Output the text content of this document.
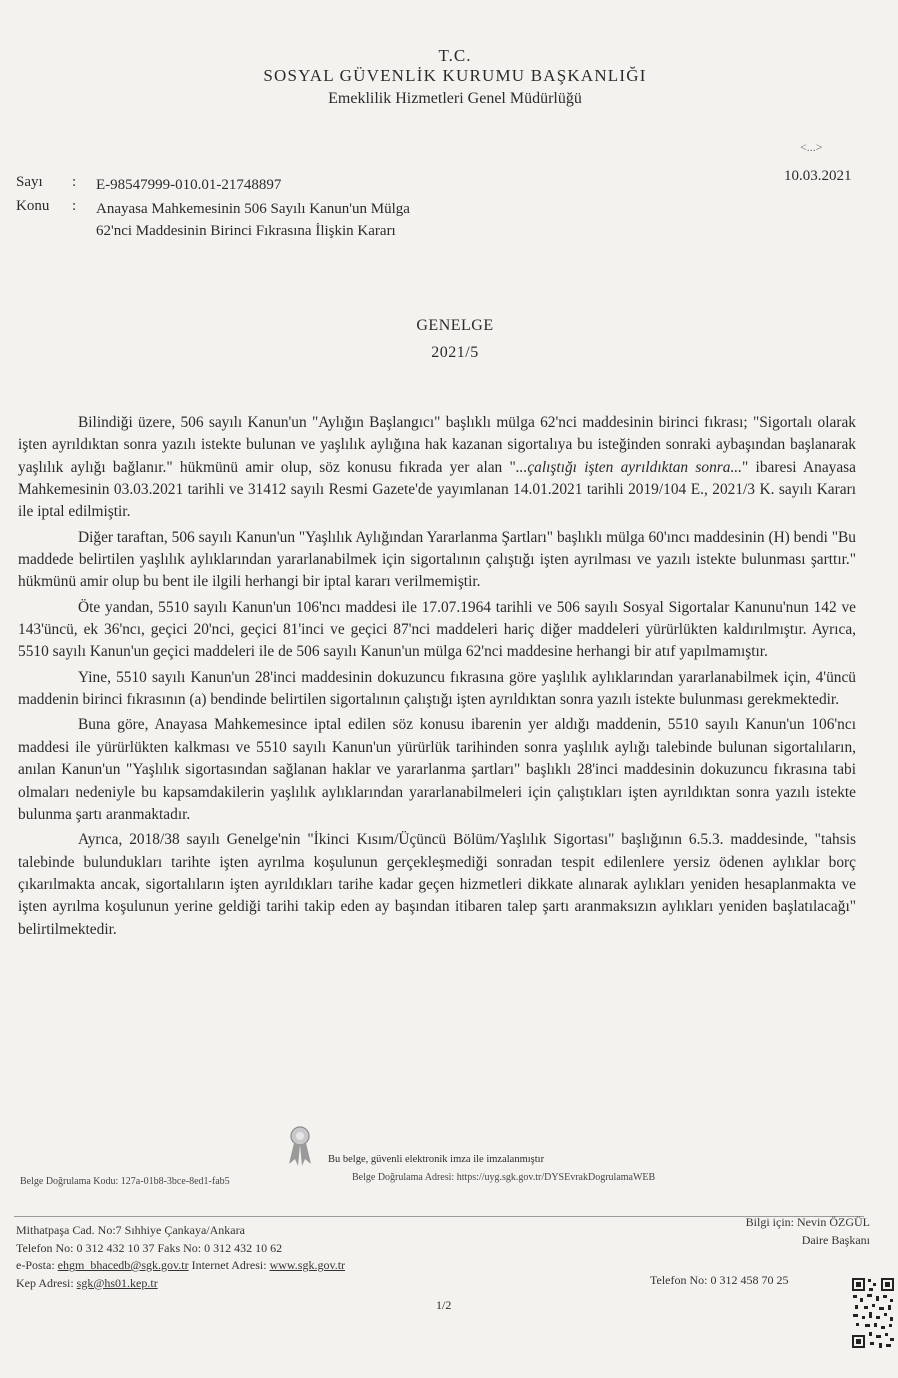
T.C.
SOSYAL GÜVENLİK KURUMU BAŞKANLIĞI
Emeklilik Hizmetleri Genel Müdürlüğü
<...>
10.03.2021
Sayı : E-98547999-010.01-21748897
Konu : Anayasa Mahkemesinin 506 Sayılı Kanun'un Mülga 62'nci Maddesinin Birinci Fıkrasına İlişkin Kararı
GENELGE
2021/5

Bilindiği üzere, 506 sayılı Kanun'un "Aylığın Başlangıcı" başlıklı mülga 62'nci maddesinin birinci fıkrası; "Sigortalı olarak işten ayrıldıktan sonra yazılı istekte bulunan ve yaşlılık aylığına hak kazanan sigortalıya bu isteğinden sonraki aybaşından başlanarak yaşlılık aylığı bağlanır." hükmünü amir olup, söz konusu fıkrada yer alan "...çalıştığı işten ayrıldıktan sonra..." ibaresi Anayasa Mahkemesinin 03.03.2021 tarihli ve 31412 sayılı Resmi Gazete'de yayımlanan 14.01.2021 tarihli 2019/104 E., 2021/3 K. sayılı Kararı ile iptal edilmiştir.

Diğer taraftan, 506 sayılı Kanun'un "Yaşlılık Aylığından Yararlanma Şartları" başlıklı mülga 60'ıncı maddesinin (H) bendi "Bu maddede belirtilen yaşlılık aylıklarından yararlanabilmek için sigortalının çalıştığı işten ayrılması ve yazılı istekte bulunması şarttır." hükmünü amir olup bu bent ile ilgili herhangi bir iptal kararı verilmemiştir.

Öte yandan, 5510 sayılı Kanun'un 106'ncı maddesi ile 17.07.1964 tarihli ve 506 sayılı Sosyal Sigortalar Kanunu'nun 142 ve 143'üncü, ek 36'ncı, geçici 20'nci, geçici 81'inci ve geçici 87'nci maddeleri hariç diğer maddeleri yürürlükten kaldırılmıştır. Ayrıca, 5510 sayılı Kanun'un geçici maddeleri ile de 506 sayılı Kanun'un mülga 62'nci maddesine herhangi bir atıf yapılmamıştır.

Yine, 5510 sayılı Kanun'un 28'inci maddesinin dokuzuncu fıkrasına göre yaşlılık aylıklarından yararlanabilmek için, 4'üncü maddenin birinci fıkrasının (a) bendinde belirtilen sigortalının çalıştığı işten ayrıldıktan sonra yazılı istekte bulunması gerekmektedir.

Buna göre, Anayasa Mahkemesince iptal edilen söz konusu ibarenin yer aldığı maddenin, 5510 sayılı Kanun'un 106'ncı maddesi ile yürürlükten kalkması ve 5510 sayılı Kanun'un yürürlük tarihinden sonra yaşlılık aylığı talebinde bulunan sigortalıların, anılan Kanun'un "Yaşlılık sigortasından sağlanan haklar ve yararlanma şartları" başlıklı 28'inci maddesinin dokuzuncu fıkrasına tabi olmaları nedeniyle bu kapsamdakilerin yaşlılık aylıklarından yararlanabilmeleri için çalıştıkları işten ayrıldıktan sonra yazılı istekte bulunma şartı aranmaktadır.

Ayrıca, 2018/38 sayılı Genelge'nin "İkinci Kısım/Üçüncü Bölüm/Yaşlılık Sigortası" başlığının 6.5.3. maddesinde, "tahsis talebinde bulundukları tarihte işten ayrılma koşulunun gerçekleşmediği sonradan tespit edilenlere yersiz ödenen aylıklar borç çıkarılmakta ancak, sigortalıların işten ayrıldıkları tarihe kadar geçen hizmetleri dikkate alınarak aylıkları yeniden hesaplanmakta ve işten ayrılma koşulunun yerine geldiği tarihi takip eden ay başından itibaren talep şartı aranmaksızın aylıkları yeniden başlatılacağı" belirtilmektedir.

Bu belge, güvenli elektronik imza ile imzalanmıştır
Belge Doğrulama Kodu: 127a-01b8-3bce-8ed1-fab5	Belge Doğrulama Adresi: https://uyg.sgk.gov.tr/DYSEvrakDogrulamaWEB
Mithatpaşa Cad. No:7 Sıhhiye Çankaya/Ankara
Telefon No: 0 312 432 10 37 Faks No: 0 312 432 10 62
e-Posta: ehgm_bhacedb@sgk.gov.tr Internet Adresi: www.sgk.gov.tr
Kep Adresi: sgk@hs01.kep.tr
Bilgi için: Nevin ÖZGÜL
Daire Başkanı
Telefon No: 0 312 458 70 25
1/2
